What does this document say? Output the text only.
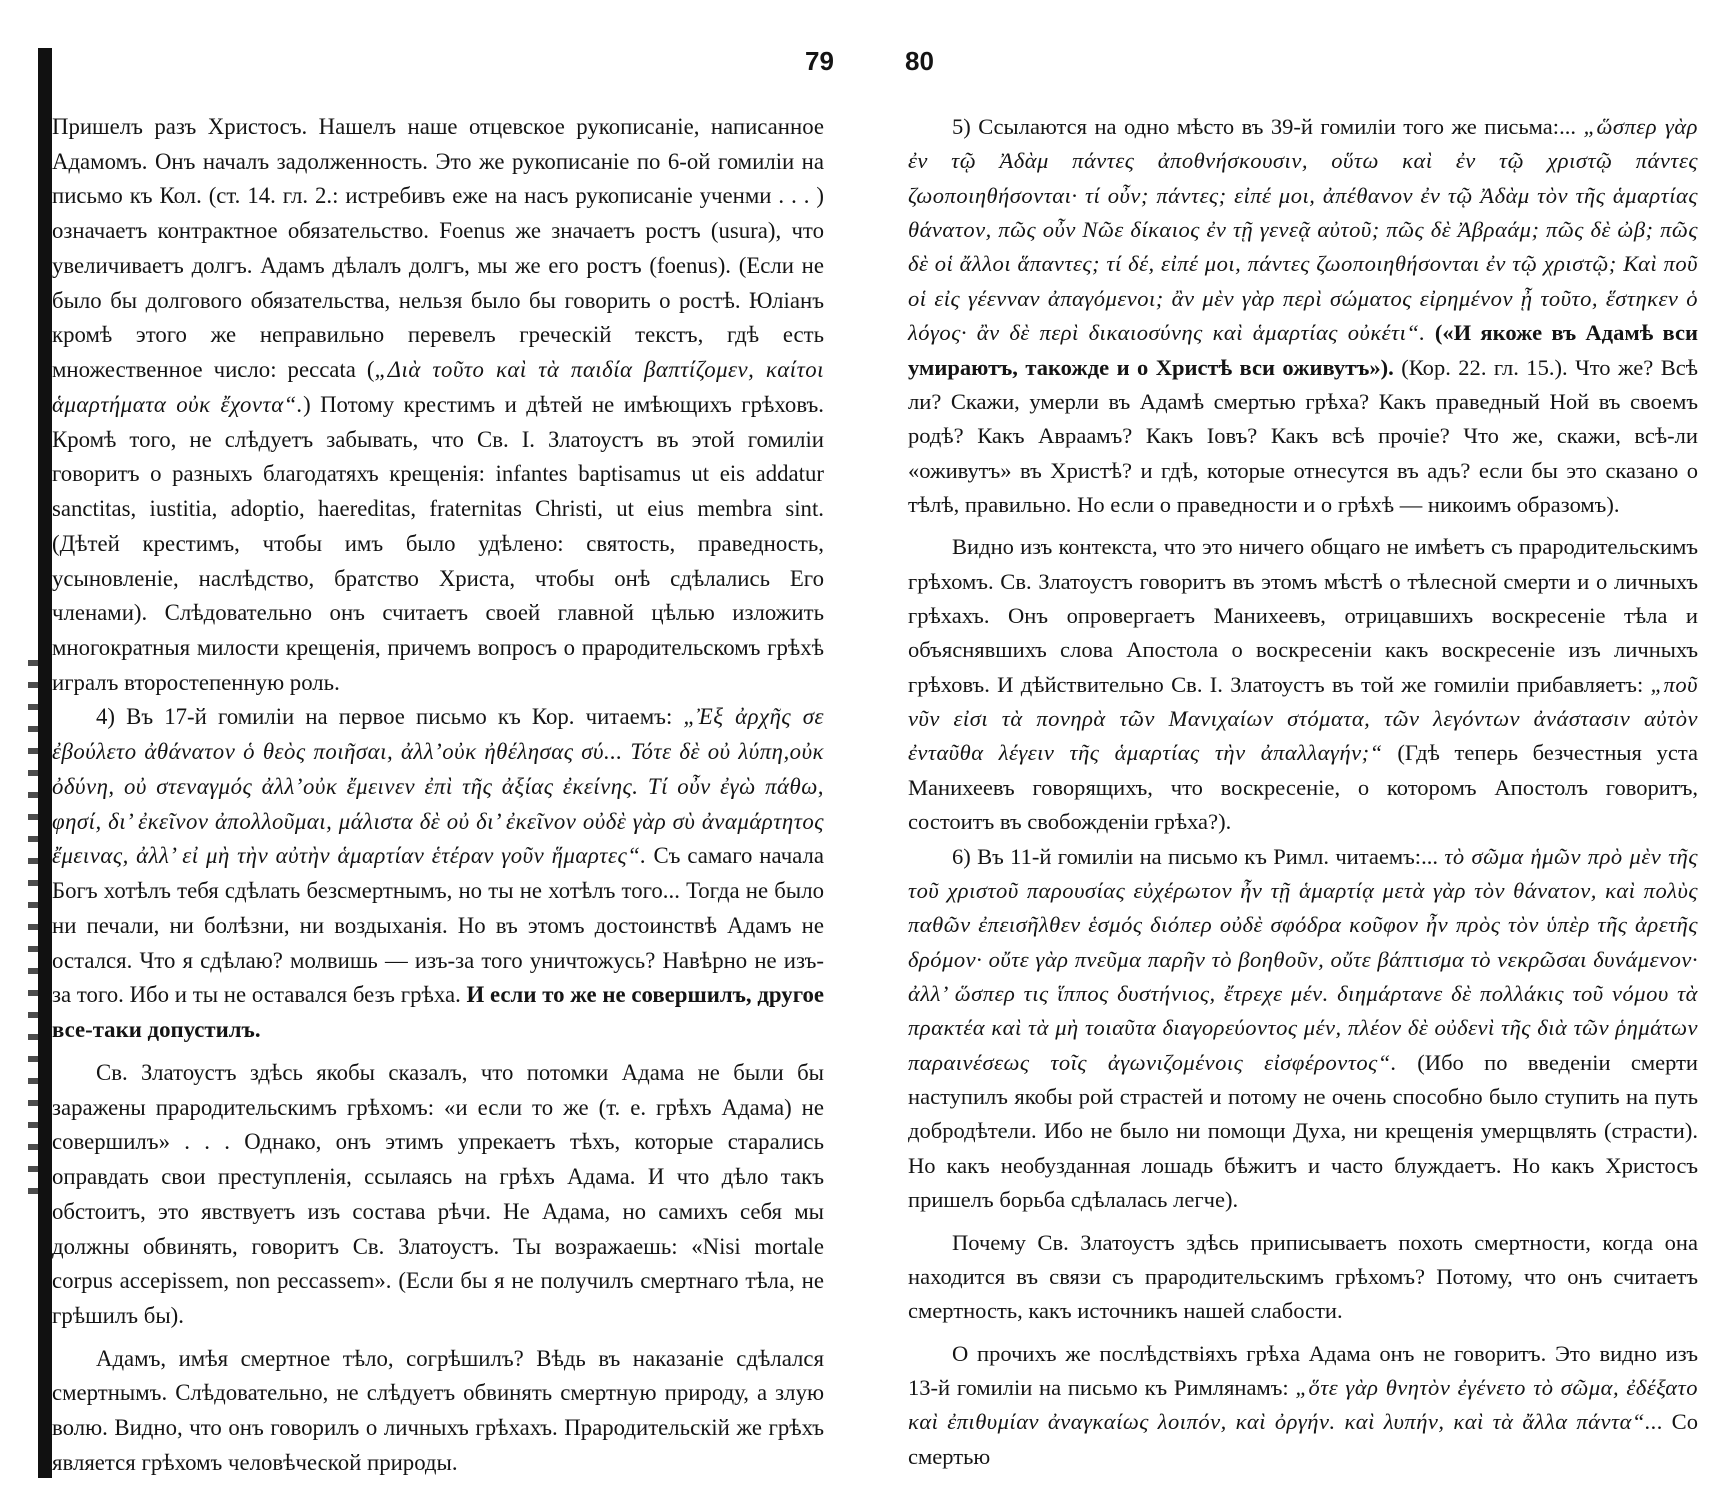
79	80

Пришелъ разъ Христосъ. Нашелъ наше отцевское рукописаніе, написанное Адамомъ. Онъ началъ задолженность. Это же рукописаніе по 6-ой гомиліи на письмо къ Кол. (ст. 14. гл. 2.: истребивъ еже на насъ рукописаніе ученми . . . ) означаетъ контрактное обязательство. Foenus же значаетъ ростъ (usura), что увеличиваетъ долгъ. Адамъ дѣлалъ долгъ, мы же его ростъ (foenus). (Если не было бы долгового обязательства, нельзя было бы говорить о ростѣ. Юліанъ кромѣ этого же неправильно перевелъ греческій текстъ, гдѣ есть множественное число: peccata („Διὰ τοῦτο καὶ τὰ παιδία βαπτίζομεν, καίτοι ἁμαρτήματα οὐκ ἔχοντα“.) Потому крестимъ и дѣтей не имѣющихъ грѣховъ. Кромѣ того, не слѣдуетъ забывать, что Св. І. Златоустъ въ этой гомиліи говоритъ о разныхъ благодатяхъ крещенія: infantes baptisamus ut eis addatur sanctitas, iustitia, adoptio, haereditas, fraternitas Christi, ut eius membra sint. (Дѣтей крестимъ, чтобы имъ было удѣлено: святость, праведность, усыновленіе, наслѣдство, братство Христа, чтобы онѣ сдѣлались Его членами). Слѣдовательно онъ считаетъ своей главной цѣлью изложить многократныя милости крещенія, причемъ вопросъ о прародительскомъ грѣхѣ игралъ второстепенную роль.

4) Въ 17-й гомиліи на первое письмо къ Кор. читаемъ: „Ἐξ ἀρχῆς σε ἐβούλετο ἀθάνατον ὁ θεὸς ποιῆσαι, ἀλλ’οὐκ ἠθέλησας σύ... Τότε δὲ οὐ λύπη,οὐκ ὀδύνη, οὐ στεναγμός ἀλλ’οὐκ ἔμεινεν ἐπὶ τῆς ἀξίας ἐκείνης. Τί οὖν ἐγὼ πάθω, φησί, δι’ ἐκεῖνον ἀπολλοῦμαι, μάλιστα δὲ οὐ δι’ ἐκεῖνον οὐδὲ γὰρ σὺ ἀναμάρτητος ἔμεινας, ἀλλ’ εἰ μὴ τὴν αὐτὴν ἁμαρτίαν ἑτέραν γοῦν ἥμαρτες“. Съ самаго начала Богъ хотѣлъ тебя сдѣлать безсмертнымъ, но ты не хотѣлъ того... Тогда не было ни печали, ни болѣзни, ни воздыханія. Но въ этомъ достоинствѣ Адамъ не остался. Что я сдѣлаю? молвишь — изъ-за того уничтожусь? Навѣрно не изъ-за того. Ибо и ты не оставался безъ грѣха. И если то же не совершилъ, другое все-таки допустилъ.

Св. Златоустъ здѣсь якобы сказалъ, что потомки Адама не были бы заражены прародительскимъ грѣхомъ: «и если то же (т. е. грѣхъ Адама) не совершилъ» . . . Однако, онъ этимъ упрекаетъ тѣхъ, которые старались оправдать свои преступленія, ссылаясь на грѣхъ Адама. И что дѣло такъ обстоитъ, это явствуетъ изъ состава рѣчи. Не Адама, но самихъ себя мы должны обвинять, говоритъ Св. Златоустъ. Ты возражаешь: «Nisi mortale corpus accepissem, non peccassem». (Если бы я не получилъ смертнаго тѣла, не грѣшилъ бы).

Адамъ, имѣя смертное тѣло, согрѣшилъ? Вѣдь въ наказаніе сдѣлался смертнымъ. Слѣдовательно, не слѣдуетъ обвинять смертную природу, а злую волю. Видно, что онъ говорилъ о личныхъ грѣхахъ. Прародительскій же грѣхъ является грѣхомъ человѣческой природы.

5) Ссылаются на одно мѣсто въ 39-й гомиліи того же письма:... „ὥσπερ γὰρ ἐν τῷ Ἀδὰμ πάντες ἀποθνήσκουσιν, οὕτω καὶ ἐν τῷ χριστῷ πάντες ζωοποιηθήσονται· τί οὖν; πάντες; εἰπέ μοι, ἀπέθανον ἐν τῷ Ἀδὰμ τὸν τῆς ἁμαρτίας θάνατον, πῶς οὖν Νῶε δίκαιος ἐν τῇ γενεᾷ αὐτοῦ; πῶς δὲ Ἀβραάμ; πῶς δὲ ὠβ; πῶς δὲ οἱ ἄλλοι ἅπαντες; τί δέ, εἰπέ μοι, πάντες ζωοποιηθήσονται ἐν τῷ χριστῷ; Καὶ ποῦ οἱ εἰς γέενναν ἀπαγόμενοι; ἂν μὲν γὰρ περὶ σώματος εἰρημένον ᾖ τοῦτο, ἕστηκεν ὁ λόγος· ἂν δὲ περὶ δικαιοσύνης καὶ ἁμαρτίας οὐκέτι“. («И якоже въ Адамѣ вси умираютъ, такожде и о Христѣ вси оживутъ»). (Кор. 22. гл. 15.). Что же? Всѣ ли? Скажи, умерли въ Адамѣ смертью грѣха? Какъ праведный Ной въ своемъ родѣ? Какъ Авраамъ? Какъ Іовъ? Какъ всѣ прочіе? Что же, скажи, всѣ-ли «оживутъ» въ Христѣ? и гдѣ, которые отнесутся въ адъ? если бы это сказано о тѣлѣ, правильно. Но если о праведности и о грѣхѣ — никоимъ образомъ).

Видно изъ контекста, что это ничего общаго не имѣетъ съ прародительскимъ грѣхомъ. Св. Златоустъ говоритъ въ этомъ мѣстѣ о тѣлесной смерти и о личныхъ грѣхахъ. Онъ опровергаетъ Манихеевъ, отрицавшихъ воскресеніе тѣла и объяснявшихъ слова Апостола о воскресеніи какъ воскресеніе изъ личныхъ грѣховъ. И дѣйствительно Св. І. Златоустъ въ той же гомиліи прибавляетъ: „ποῦ νῦν εἰσι τὰ πονηρὰ τῶν Μανιχαίων στόματα, τῶν λεγόντων ἀνάστασιν αὐτὸν ἐνταῦθα λέγειν τῆς ἁμαρτίας τὴν ἀπαλλαγήν;“ (Гдѣ теперь безчестныя уста Манихеевъ говорящихъ, что воскресеніе, о которомъ Апостолъ говоритъ, состоитъ въ свобожденіи грѣха?).

6) Въ 11-й гомиліи на письмо къ Римл. читаемъ:... τὸ σῶμα ἡμῶν πρὸ μὲν τῆς τοῦ χριστοῦ παρουσίας εὐχέρωτον ἦν τῇ ἁμαρτίᾳ μετὰ γὰρ τὸν θάνατον, καὶ πολὺς παθῶν ἐπεισῆλθεν ἑσμός διόπερ οὐδὲ σφόδρα κοῦφον ἦν πρὸς τὸν ὑπὲρ τῆς ἀρετῆς δρόμον· οὔτε γὰρ πνεῦμα παρῆν τὸ βοηθοῦν, οὔτε βάπτισμα τὸ νεκρῶσαι δυνάμενον· ἀλλ’ ὥσπερ τις ἵππος δυστήνιος, ἔτρεχε μέν. διημάρτανε δὲ πολλάκις τοῦ νόμου τὰ πρακτέα καὶ τὰ μὴ τοιαῦτα διαγορεύοντος μέν, πλέον δὲ οὐδενὶ τῆς διὰ τῶν ῥημάτων παραινέσεως τοῖς ἀγωνιζομένοις εἰσφέροντος“. (Ибо по введеніи смерти наступилъ якобы рой страстей и потому не очень способно было ступить на путь добродѣтели. Ибо не было ни помощи Духа, ни крещенія умерщвлять (страсти). Но какъ необузданная лошадь бѣжитъ и часто блуждаетъ. Но какъ Христосъ пришелъ борьба сдѣлалась легче).

Почему Св. Златоустъ здѣсь приписываетъ похоть смертности, когда она находится въ связи съ прародительскимъ грѣхомъ? Потому, что онъ считаетъ смертность, какъ источникъ нашей слабости.

О прочихъ же послѣдствіяхъ грѣха Адама онъ не говоритъ. Это видно изъ 13-й гомиліи на письмо къ Римлянамъ: „ὅτε γὰρ θνητὸν ἐγένετο τὸ σῶμα, ἐδέξατο καὶ ἐπιθυμίαν ἀναγκαίως λοιπόν, καὶ ὀργήν. καὶ λυπήν, καὶ τὰ ἄλλα πάντα“... Со смертью
